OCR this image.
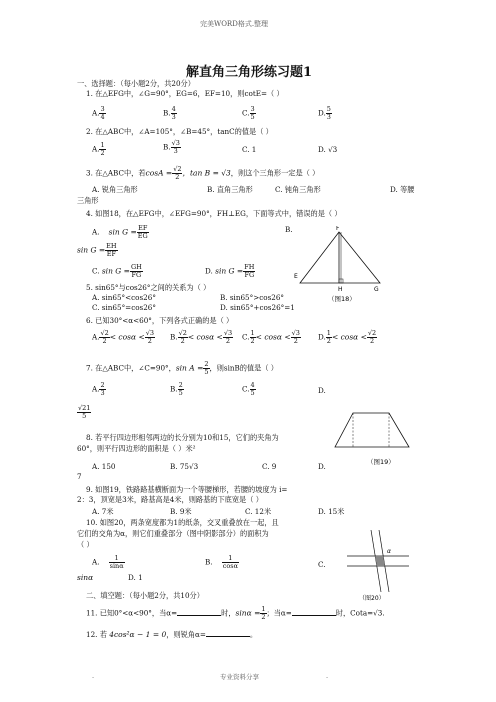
完美WORD格式.整理
解直角三角形练习题1
一、选择题：（每小题2分，共20分）
1. 在△EFG中，∠G=90°，EG=6，EF=10，则cotE=（ ）
A. $\frac{3}{4}$	B. $\frac{4}{3}$	C. $\frac{3}{5}$	D. $\frac{5}{3}$
2. 在△ABC中，∠A=105°，∠B=45°，tanC的值是（ ）
A. $\frac{1}{2}$	B. $\frac{√3}{3}$	C. 1	D. √3
3. 在△ABC中，若$\cos A = \frac{√2}{2}$ ，tan B = √3，则这个三角形一定是（ ）
A. 锐角三角形	B. 直角三角形	C. 钝角三角形	D. 等腰
三角形
4. 如图18，在△EFG中，∠EFG=90°，FH⊥EG，下面等式中，错误的是（ ）
A. $\sin G = \frac{EF}{EG}$	B.
$\sin G = \frac{EH}{EF}$
C. $\sin G = \frac{GH}{FG}$	D. $\sin G = \frac{FH}{FG}$
F
E
H	G
（图18）
5. sin65°与cos26°之间的关系为（ ）
A. sin65°<cos26°	B. sin65°>cos26°
C. sin65°=cos26°	D. sin65°+cos26°=1
6. 已知30°<α<60°，下列各式正确的是（ ）
A. $\frac{√2}{2} < \cos\alpha < \frac{√3}{2} B$. $\frac{√2}{2} < \cos\alpha < \frac{√3}{2} C$. $\frac{1}{2} < \cos\alpha < \frac{√3}{2} D$. $\frac{1}{2} < \cos\alpha < \frac{√2}{2}$
7. 在△ABC中，∠C=90°，$\sin A = \frac{2}{5}$ ，则sinB的值是（ ）
A. $\frac{2}{3}$	B. $\frac{2}{5}$	C. $\frac{4}{5}$	D.
$\frac{√21}{5}$
（图19）
8. 若平行四边形相邻两边的长分别为10和15，它们的夹角为
60°，则平行四边形的面积是（ ）米²
A. 150	B. 75√3	C. 9	D.
7
9. 如图19，铁路路基横断面为一个等腰梯形，若腰的坡度为 i=
2：3，顶宽是3米，路基高是4米，则路基的下底宽是（ ）
A. 7米	B. 9米	C. 12米	D. 15米
10. 如图20，两条宽度都为1的纸条，交叉重叠放在一起，且
它们的交角为α，则它们重叠部分（图中阴影部分）的面积为
（ ）
A. $\frac{1}{\sin\alpha}$	B. $\frac{1}{\cos\alpha}$	C.
sinα	D. 1
α
（图20）
二、填空题：（每小题2分，共10分）
11. 已知0°<α<90°，当α=	时，$\sin\alpha = \frac{1}{2}$ ；当α=	时，Cota=√3.
12. 若 4cos²α − 1 = 0，则锐角α=	。
.	专业资料分享	.
